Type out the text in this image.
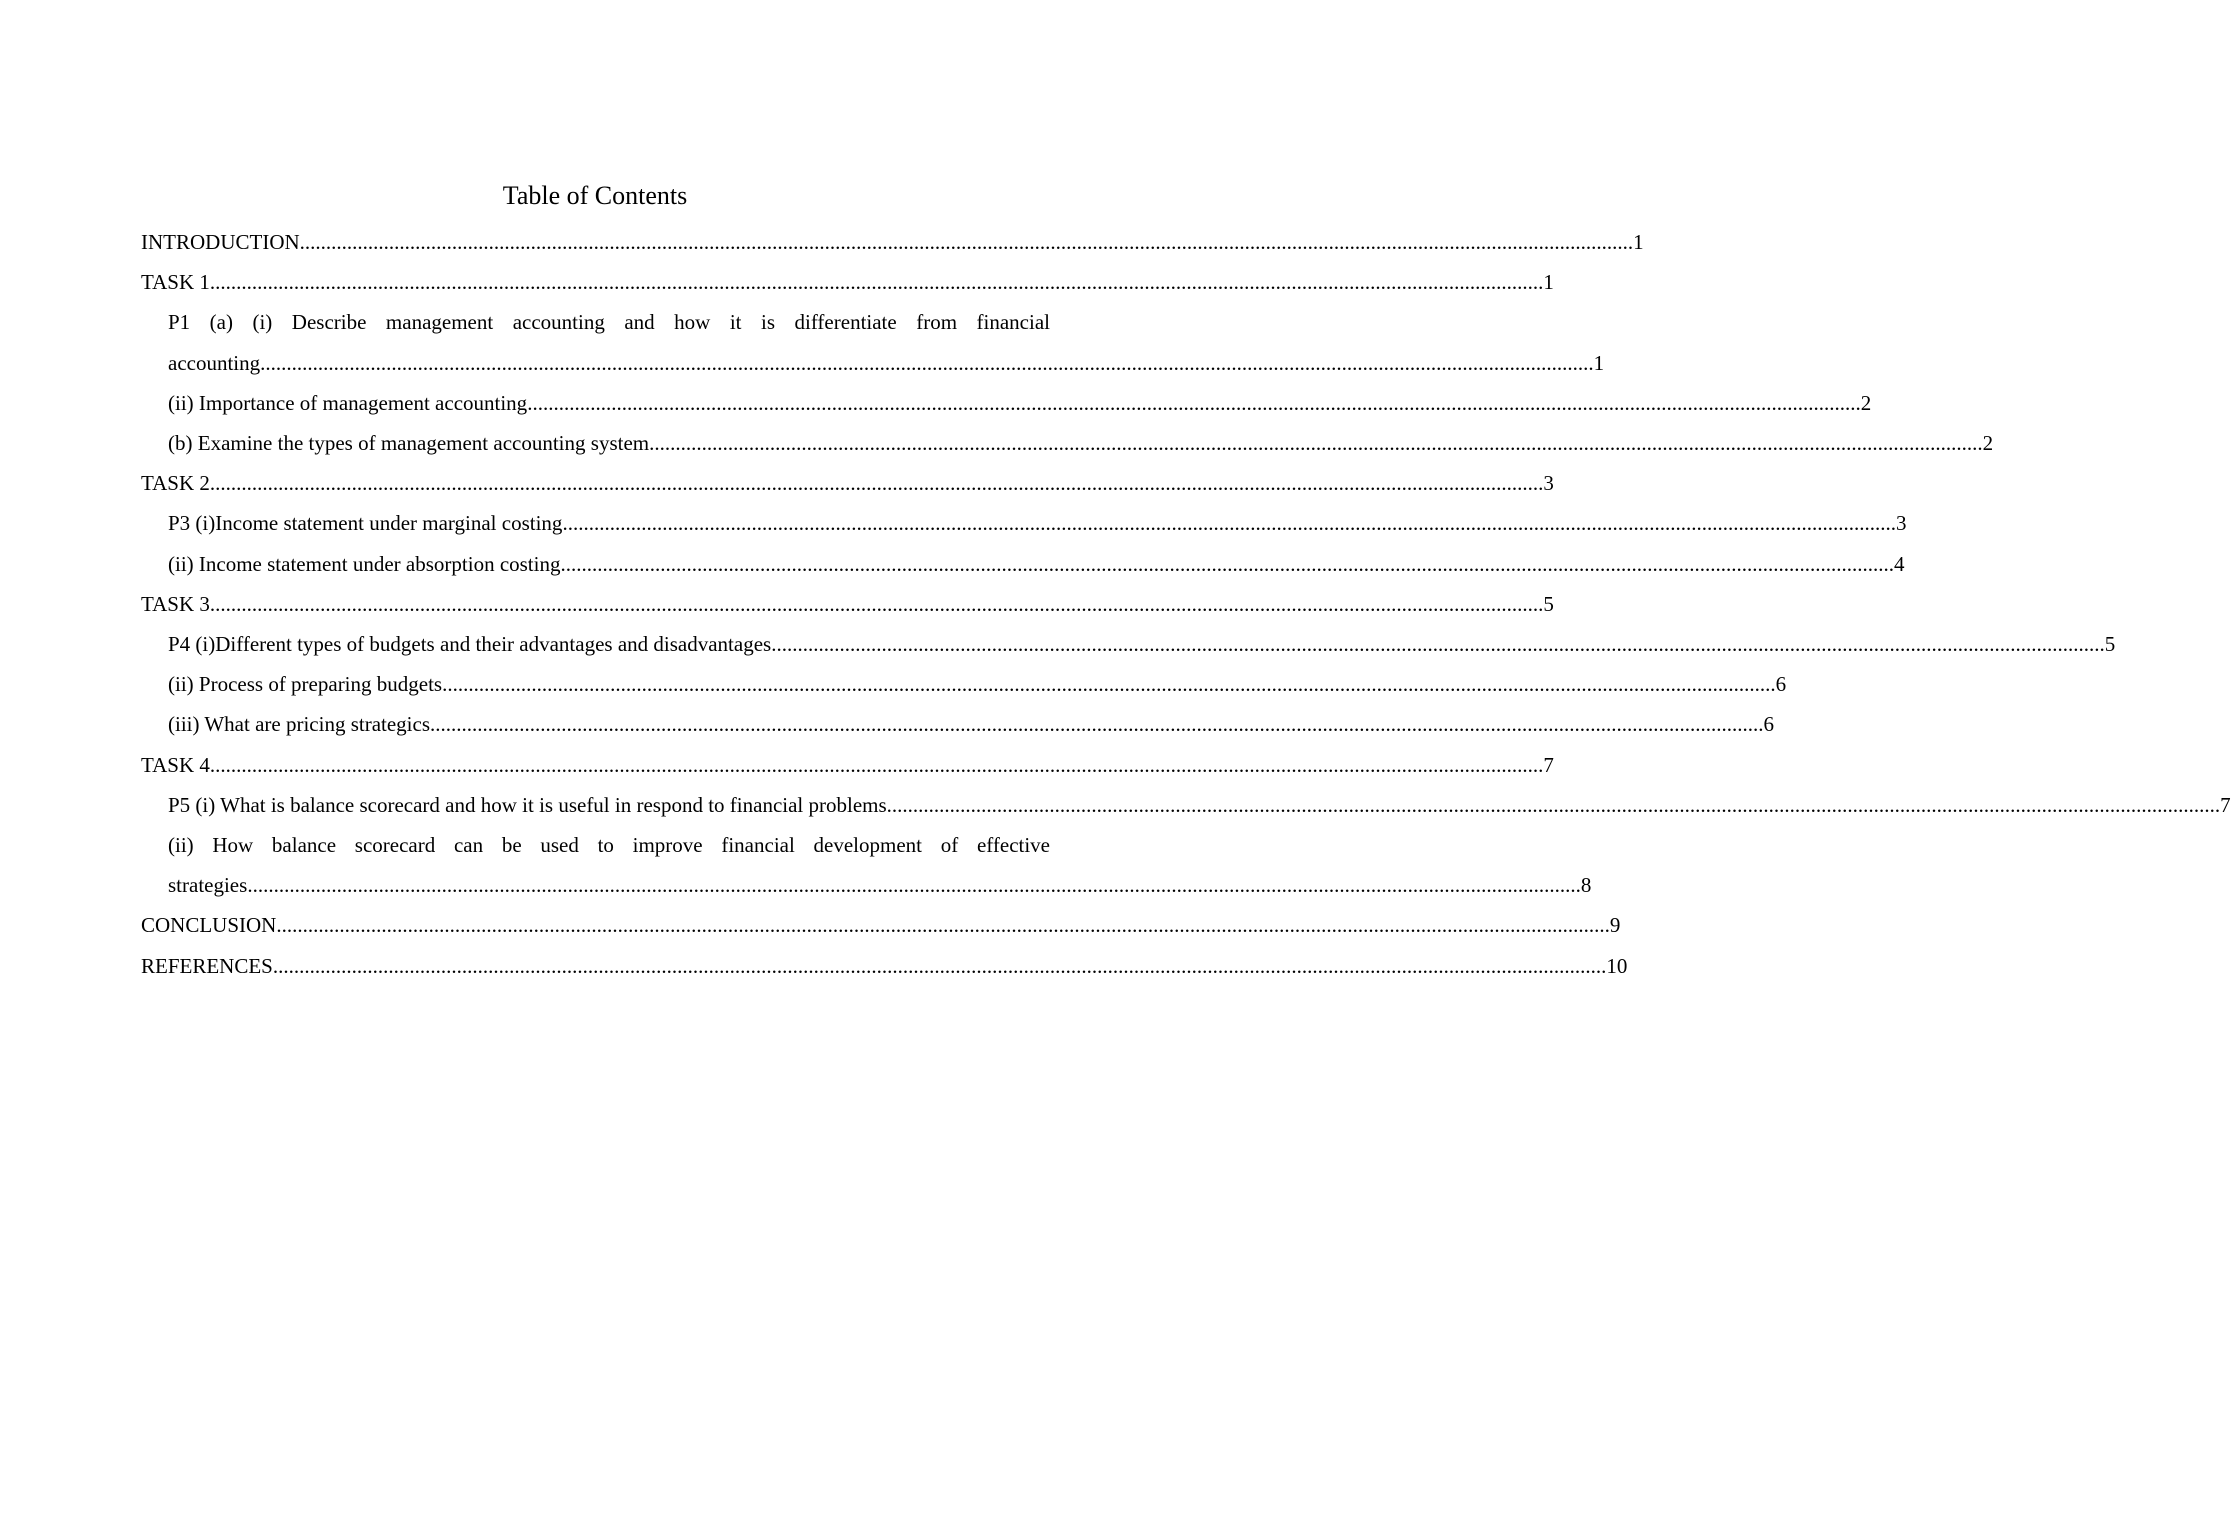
Table of Contents
INTRODUCTION .....	1
TASK 1 .....	1
P1 (a) (i) Describe management accounting and how it is differentiate from financial
accounting .....	1
(ii) Importance of management accounting .....	2
(b) Examine the types of management accounting system .....	2
TASK 2 .....	3
P3 (i)Income statement under marginal costing .....	3
(ii) Income statement under absorption costing .....	4
TASK 3 .....	5
P4 (i)Different types of budgets and their advantages and disadvantages .....	5
(ii) Process of preparing budgets .....	6
(iii) What are pricing strategics .....	6
TASK 4 .....	7
P5 (i) What is balance scorecard and how it is useful in respond to financial problems .....	7
(ii) How balance scorecard can be used to improve financial development of effective
strategies .....	8
CONCLUSION .....	9
REFERENCES .....	10
